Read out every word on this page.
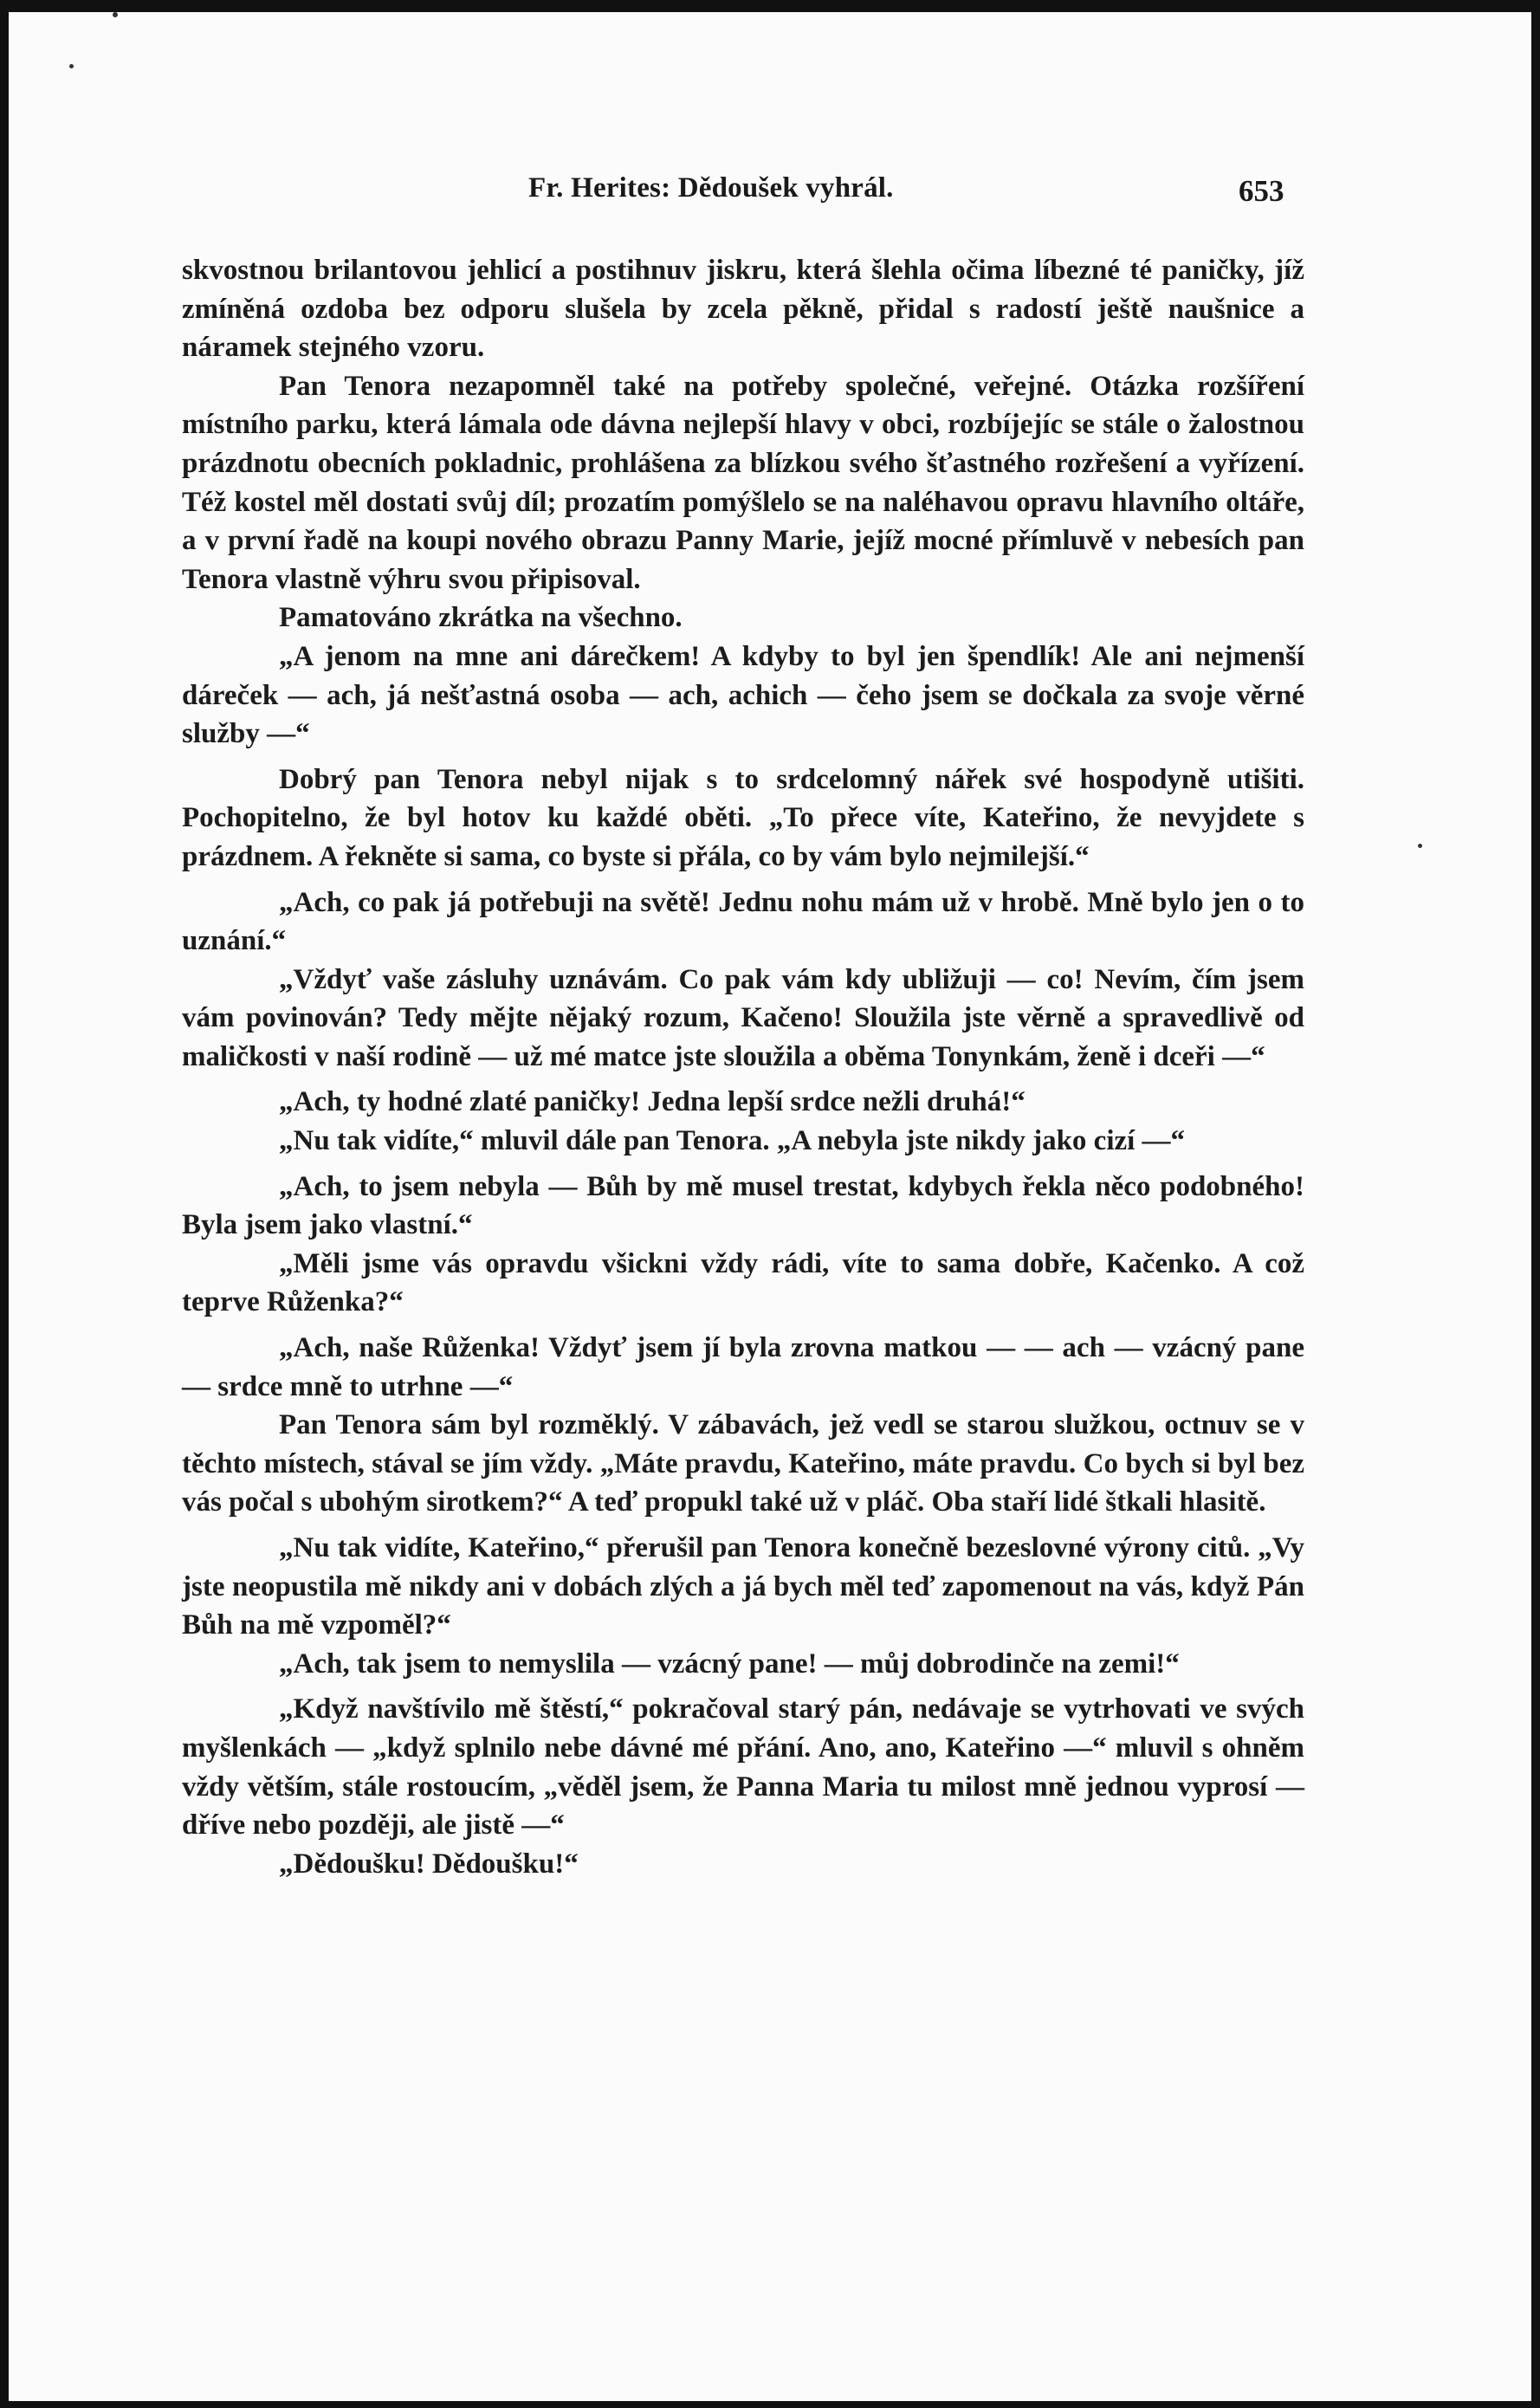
Fr. Herites: Dědoušek vyhrál.	653

skvostnou brilantovou jehlicí a postihnuv jiskru, která šlehla očima líbezné té paničky, jíž zmíněná ozdoba bez odporu slušela by zcela pěkně, přidal s radostí ještě naušnice a náramek stejného vzoru.

Pan Tenora nezapomněl také na potřeby společné, veřejné. Otázka rozšíření místního parku, která lámala ode dávna nejlepší hlavy v obci, rozbíjejíc se stále o žalostnou prázdnotu obecních pokladnic, prohlášena za blízkou svého šťastného rozřešení a vyřízení. Též kostel měl dostati svůj díl; prozatím pomýšlelo se na naléhavou opravu hlavního oltáře, a v první řadě na koupi nového obrazu Panny Marie, jejíž mocné přímluvě v nebesích pan Tenora vlastně výhru svou připisoval.

Pamatováno zkrátka na všechno.

„A jenom na mne ani dárečkem! A kdyby to byl jen špendlík! Ale ani nejmenší dáreček — ach, já nešťastná osoba — ach, achich — čeho jsem se dočkala za svoje věrné služby —“

Dobrý pan Tenora nebyl nijak s to srdcelomný nářek své hospodyně utišiti. Pochopitelno, že byl hotov ku každé oběti. „To přece víte, Kateřino, že nevyjdete s prázdnem. A řekněte si sama, co byste si přála, co by vám bylo nejmilejší.“

„Ach, co pak já potřebuji na světě! Jednu nohu mám už v hrobě. Mně bylo jen o to uznání.“

„Vždyť vaše zásluhy uznávám. Co pak vám kdy ubližuji — co! Nevím, čím jsem vám povinován? Tedy mějte nějaký rozum, Kačeno! Sloužila jste věrně a spravedlivě od maličkosti v naší rodině — už mé matce jste sloužila a oběma Tonynkám, ženě i dceři —“

„Ach, ty hodné zlaté paničky! Jedna lepší srdce nežli druhá!“

„Nu tak vidíte,“ mluvil dále pan Tenora. „A nebyla jste nikdy jako cizí —“

„Ach, to jsem nebyla — Bůh by mě musel trestat, kdybych řekla něco podobného! Byla jsem jako vlastní.“

„Měli jsme vás opravdu všickni vždy rádi, víte to sama dobře, Kačenko. A což teprve Růženka?“

„Ach, naše Růženka! Vždyť jsem jí byla zrovna matkou — — ach — vzácný pane — srdce mně to utrhne —“

Pan Tenora sám byl rozměklý. V zábavách, jež vedl se starou služkou, octnuv se v těchto místech, stával se jím vždy. „Máte pravdu, Kateřino, máte pravdu. Co bych si byl bez vás počal s ubohým sirotkem?“ A teď propukl také už v pláč. Oba staří lidé štkali hlasitě.

„Nu tak vidíte, Kateřino,“ přerušil pan Tenora konečně bezeslovné výrony citů. „Vy jste neopustila mě nikdy ani v dobách zlých a já bych měl teď zapomenout na vás, když Pán Bůh na mě vzpoměl?“

„Ach, tak jsem to nemyslila — vzácný pane! — můj dobrodinče na zemi!“

„Když navštívilo mě štěstí,“ pokračoval starý pán, nedávaje se vytrhovati ve svých myšlenkách — „když splnilo nebe dávné mé přání. Ano, ano, Kateřino —“ mluvil s ohněm vždy větším, stále rostoucím, „věděl jsem, že Panna Maria tu milost mně jednou vyprosí — dříve nebo později, ale jistě —“

„Dědoušku! Dědoušku!“
